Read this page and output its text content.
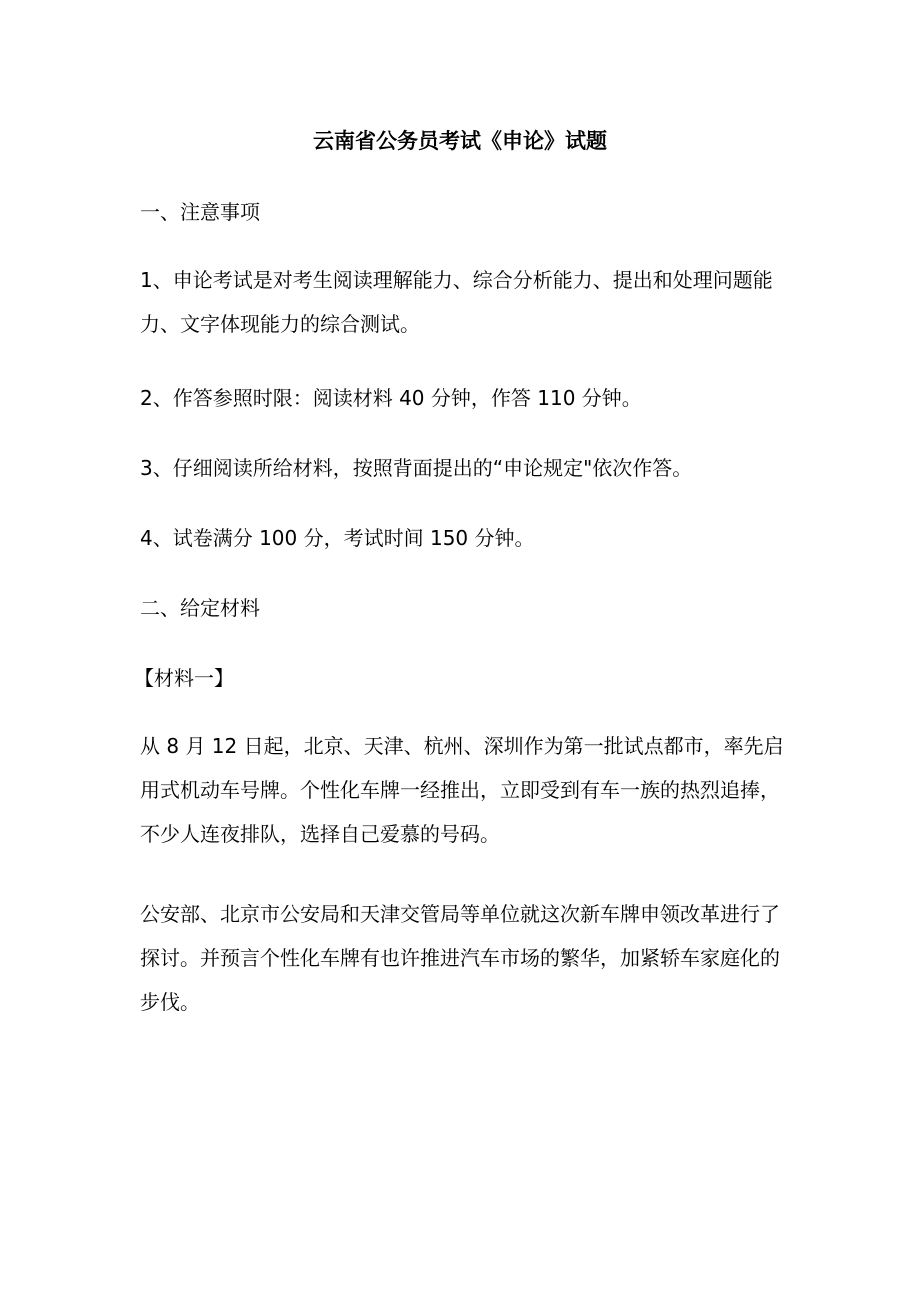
云南省公务员考试《申论》试题

一、注意事项

1、申论考试是对考生阅读理解能力、综合分析能力、提出和处理问题能力、文字体现能力的综合测试。

2、作答参照时限：阅读材料 40 分钟，作答 110 分钟。

3、仔细阅读所给材料，按照背面提出的“申论规定"依次作答。

4、试卷满分 100 分，考试时间 150 分钟。

二、给定材料

【材料一】

从 8 月 12 日起，北京、天津、杭州、深圳作为第一批试点都市，率先启用式机动车号牌。个性化车牌一经推出，立即受到有车一族的热烈追捧，不少人连夜排队，选择自己爱慕的号码。

公安部、北京市公安局和天津交管局等单位就这次新车牌申领改革进行了探讨。并预言个性化车牌有也许推进汽车市场的繁华，加紧轿车家庭化的步伐。
